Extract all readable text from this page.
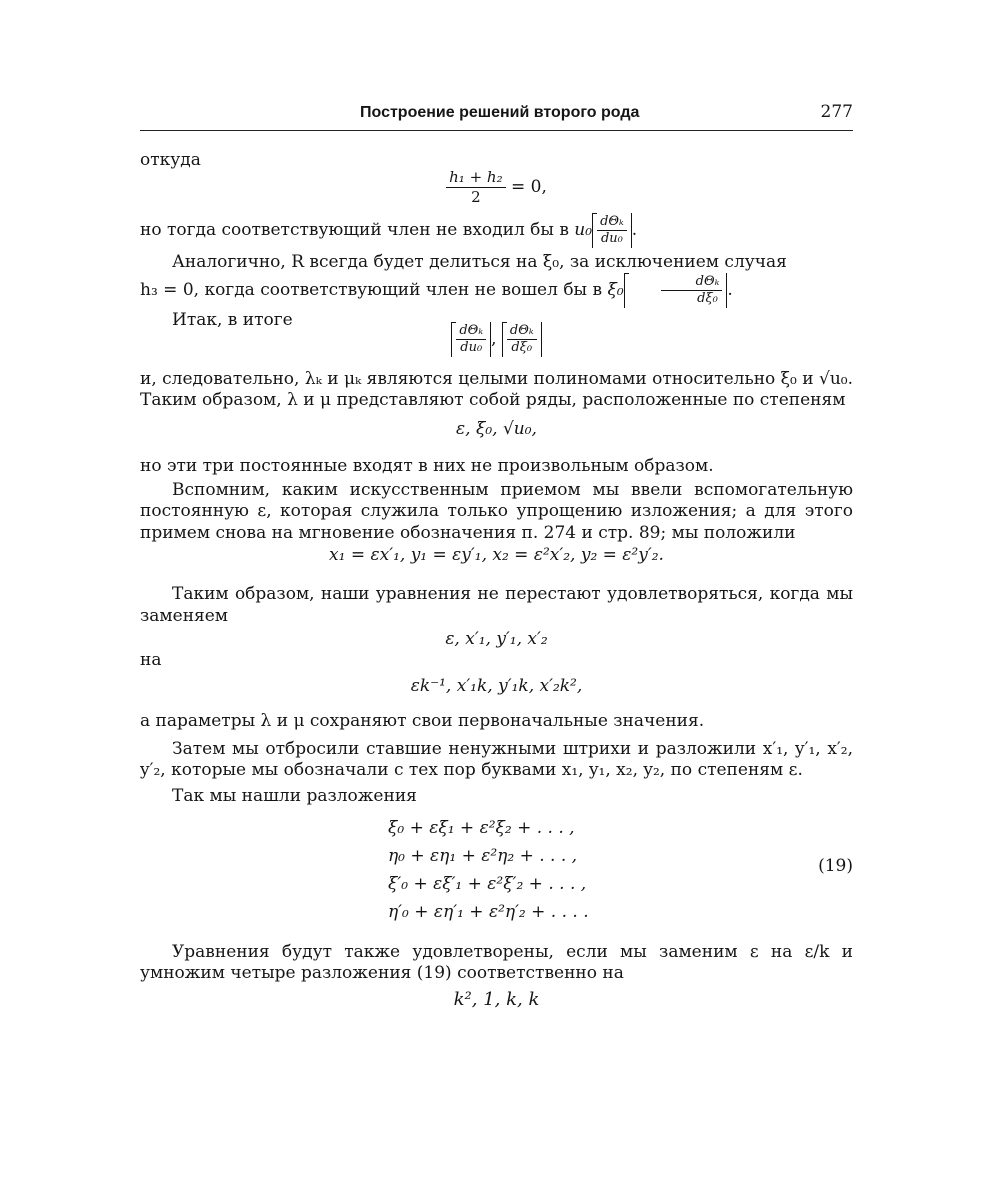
Построение решений второго рода	277

откуда

$\frac{\text{h₁ + h₂}}{2} = 0$,

но тогда соответствующий член не входил бы в $u_0 \frac{\text{dΘₖ}}{\text{du₀}}$ .

Аналогично, R всегда будет делиться на ξ₀, за исключением случая
h₃ = 0, когда соответствующий член не вошел бы в ξ₀	$\frac{\text{dΘₖ}}{\text{dξ₀}}$ .

Итак, в итоге

$\frac{\text{dΘₖ}}{\text{du₀}}$ , $\frac{\text{dΘₖ}}{\text{dξ₀}}$

и, следовательно, λₖ и μₖ являются целыми полиномами относительно ξ₀ и √u₀. Таким образом, λ и μ представляют собой ряды, расположенные по степеням

ε, ξ₀, √u₀,

но эти три постоянные входят в них не произвольным образом.

Вспомним, каким искусственным приемом мы ввели вспомогательную постоянную ε, которая служила только упрощению изложения; а для этого примем снова на мгновение обозначения п. 274 и стр. 89; мы положили

x₁ = εx′₁, y₁ = εy′₁, x₂ = ε²x′₂, y₂ = ε²y′₂.

Таким образом, наши уравнения не перестают удовлетворяться, когда мы заменяем

ε, x′₁, y′₁, x′₂

на

εk⁻¹, x′₁k, y′₁k, x′₂k²,

а параметры λ и μ сохраняют свои первоначальные значения.

Затем мы отбросили ставшие ненужными штрихи и разложили x′₁, y′₁, x′₂, y′₂, которые мы обозначали с тех пор буквами x₁, y₁, x₂, y₂, по степеням ε.

Так мы нашли разложения

ξ₀ + εξ₁ + ε²ξ₂ + . . . ,
η₀ + εη₁ + ε²η₂ + . . . ,
ξ′₀ + εξ′₁ + ε²ξ′₂ + . . . ,
η′₀ + εη′₁ + ε²η′₂ + . . . .
(19)

Уравнения будут также удовлетворены, если мы заменим ε на ε/k и умножим четыре разложения (19) соответственно на

k², 1, k, k
